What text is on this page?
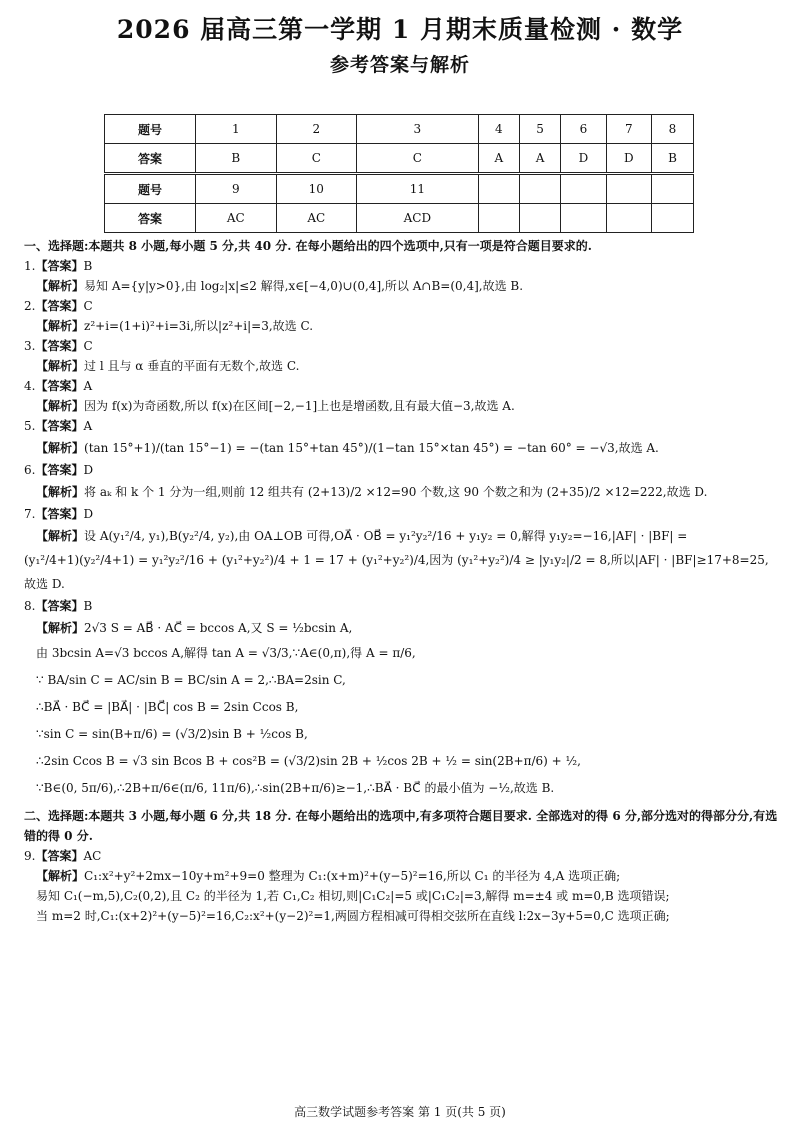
2026 届高三第一学期 1 月期末质量检测 · 数学
参考答案与解析
题号	1	2	3	4	5	6	7	8
答案	B	C	C	A	A	D	D	B
题号	9	10	11					
答案	AC	AC	ACD					

一、选择题:本题共 8 小题,每小题 5 分,共 40 分. 在每小题给出的四个选项中,只有一项是符合题目要求的.

1.【答案】B

【解析】易知 A={y|y>0},由 log₂|x|≤2 解得,x∈[−4,0)∪(0,4],所以 A∩B=(0,4],故选 B.

2.【答案】C

【解析】z²+i=(1+i)²+i=3i,所以|z²+i|=3,故选 C.

3.【答案】C

【解析】过 l 且与 α 垂直的平面有无数个,故选 C.

4.【答案】A

【解析】因为 f(x)为奇函数,所以 f(x)在区间[−2,−1]上也是增函数,且有最大值−3,故选 A.

5.【答案】A

【解析】(tan 15°+1)/(tan 15°−1) = −(tan 15°+tan 45°)/(1−tan 15°×tan 45°) = −tan 60° = −√3,故选 A.

6.【答案】D

【解析】将 aₖ 和 k 个 1 分为一组,则前 12 组共有 (2+13)/2 ×12=90 个数,这 90 个数之和为 (2+35)/2 ×12=222,故选 D.

7.【答案】D

【解析】设 A(y₁²/4, y₁),B(y₂²/4, y₂),由 OA⊥OB 可得,OA⃗ · OB⃗ = y₁²y₂²/16 + y₁y₂ = 0,解得 y₁y₂=−16,|AF| · |BF| =

(y₁²/4+1)(y₂²/4+1) = y₁²y₂²/16 + (y₁²+y₂²)/4 + 1 = 17 + (y₁²+y₂²)/4,因为 (y₁²+y₂²)/4 ≥ |y₁y₂|/2 = 8,所以|AF| · |BF|≥17+8=25,故选 D.

8.【答案】B

【解析】2√3 S = AB⃗ · AC⃗ = bccos A,又 S = ½bcsin A,

由 3bcsin A=√3 bccos A,解得 tan A = √3/3,∵A∈(0,π),得 A = π/6,

∵ BA/sin C = AC/sin B = BC/sin A = 2,∴BA=2sin C,

∴BA⃗ · BC⃗ = |BA⃗| · |BC⃗| cos B = 2sin Ccos B,

∵sin C = sin(B+π/6) = (√3/2)sin B + ½cos B,

∴2sin Ccos B = √3 sin Bcos B + cos²B = (√3/2)sin 2B + ½cos 2B + ½ = sin(2B+π/6) + ½,

∵B∈(0, 5π/6),∴2B+π/6∈(π/6, 11π/6),∴sin(2B+π/6)≥−1,∴BA⃗ · BC⃗ 的最小值为 −½,故选 B.

二、选择题:本题共 3 小题,每小题 6 分,共 18 分. 在每小题给出的选项中,有多项符合题目要求. 全部选对的得 6 分,部分选对的得部分分,有选错的得 0 分.

9.【答案】AC

【解析】C₁:x²+y²+2mx−10y+m²+9=0 整理为 C₁:(x+m)²+(y−5)²=16,所以 C₁ 的半径为 4,A 选项正确;

易知 C₁(−m,5),C₂(0,2),且 C₂ 的半径为 1,若 C₁,C₂ 相切,则|C₁C₂|=5 或|C₁C₂|=3,解得 m=±4 或 m=0,B 选项错误;

当 m=2 时,C₁:(x+2)²+(y−5)²=16,C₂:x²+(y−2)²=1,两圆方程相减可得相交弦所在直线 l:2x−3y+5=0,C 选项正确;

高三数学试题参考答案 第 1 页(共 5 页)
